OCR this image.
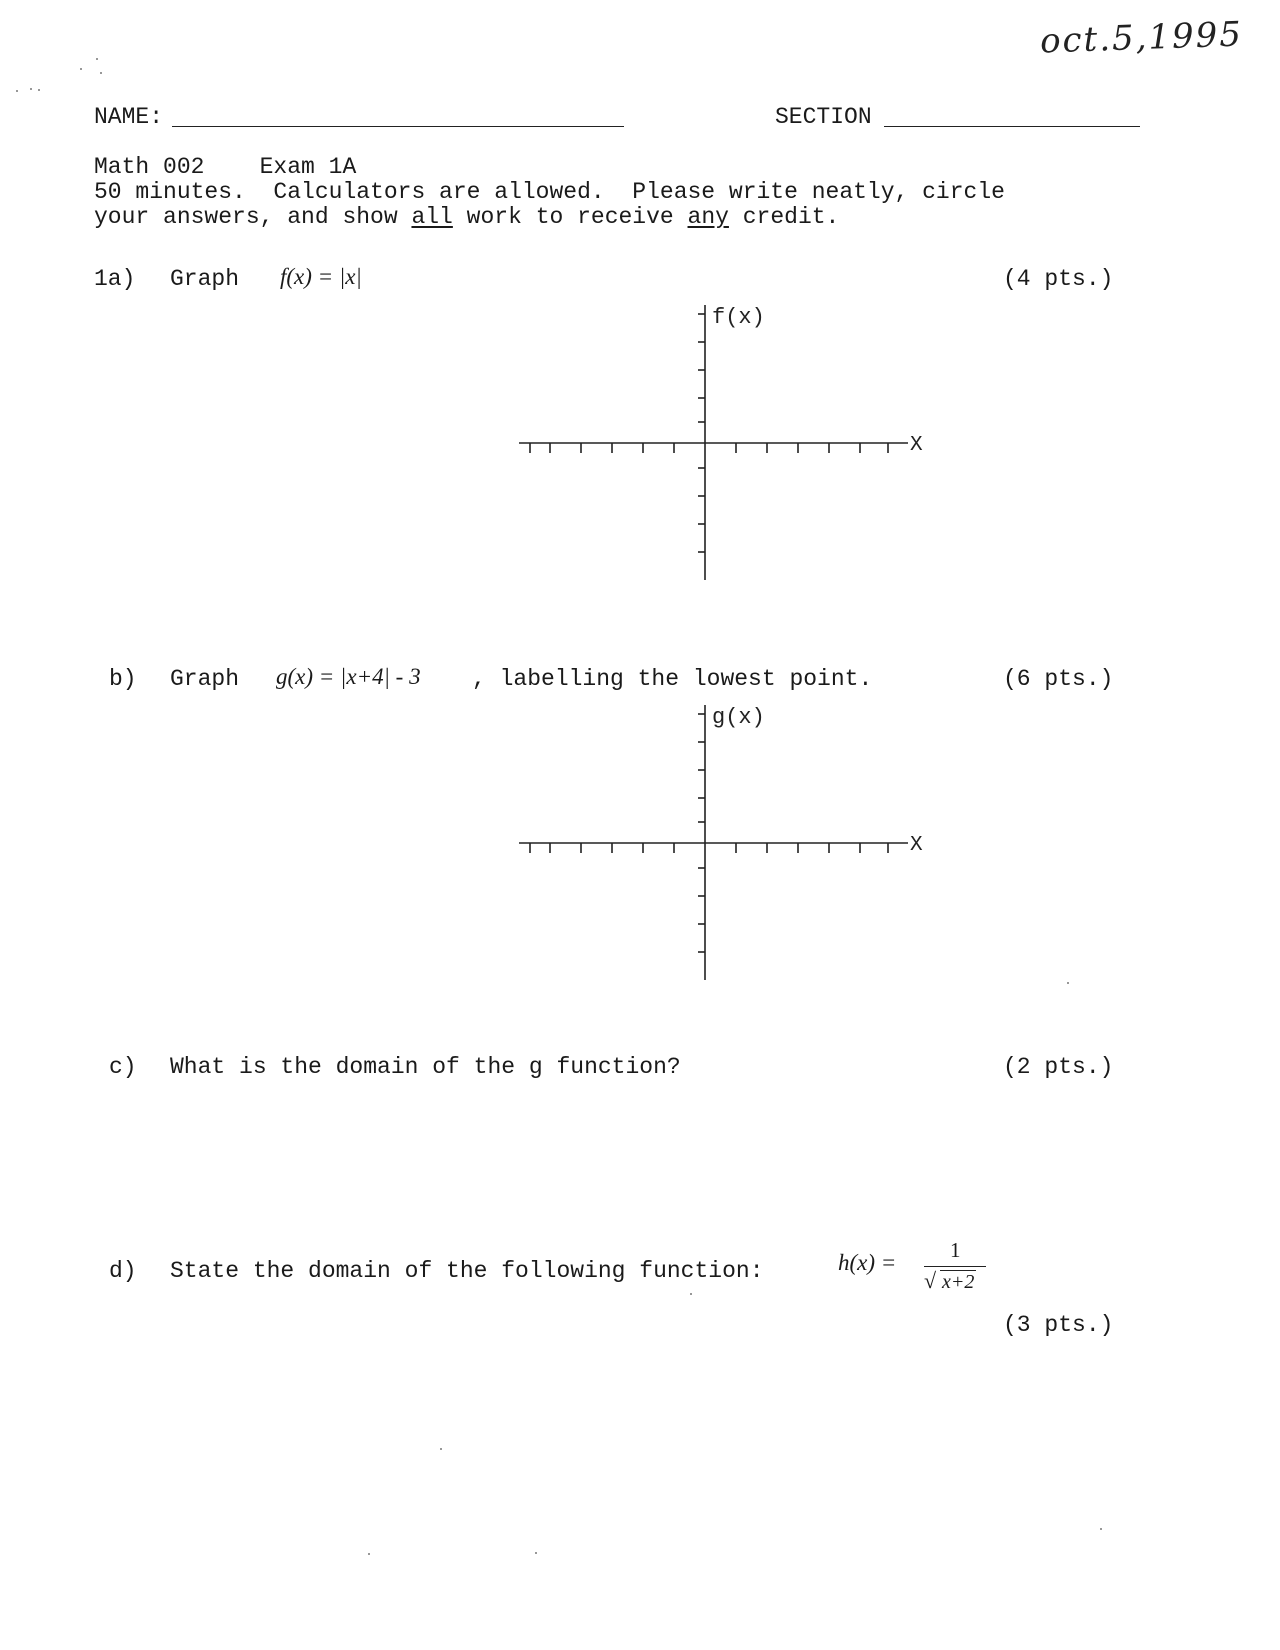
oct.5,1995
NAME:	SECTION
Math 002    Exam 1A
50 minutes.  Calculators are allowed.  Please write neatly, circle
your answers, and show all work to receive any credit.
1a) Graph f(x) = |x|	(4 pts.)
f(x)
X
b) Graph g(x) = |x+4| - 3 , labelling the lowest point.	(6 pts.)
g(x)
X
c) What is the domain of the g function?	(2 pts.)
d) State the domain of the following function:	h(x) =

	1

√

x+2

(3 pts.)
